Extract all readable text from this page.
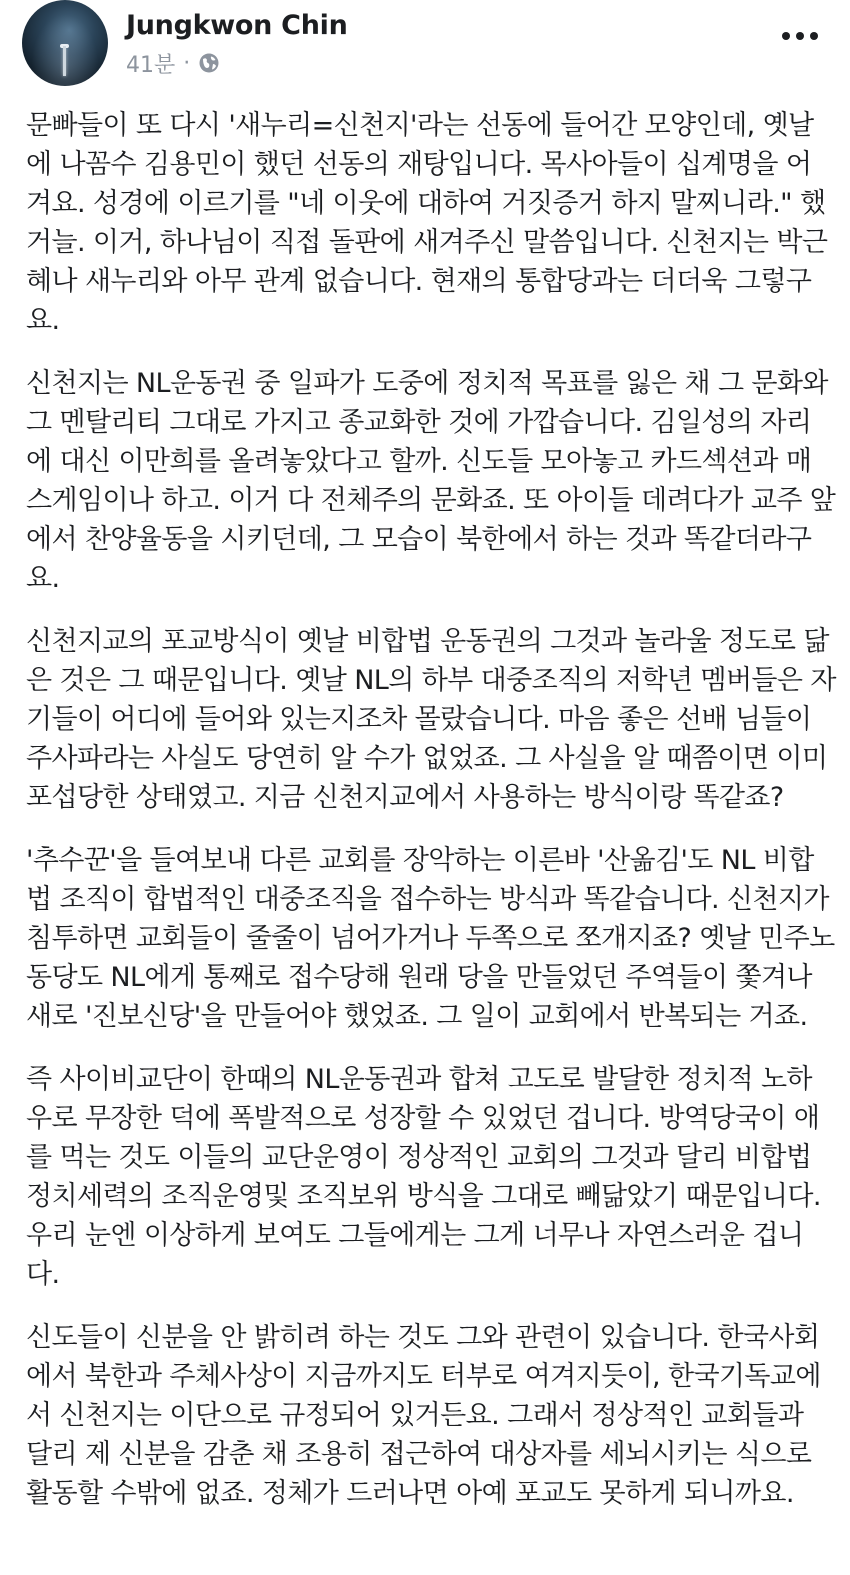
Jungkwon Chin
41분 ·

문빠들이 또 다시 '새누리=신천지'라는 선동에 들어간 모양인데, 옛날에 나꼼수 김용민이 했던 선동의 재탕입니다. 목사아들이 십계명을 어겨요. 성경에 이르기를 "네 이웃에 대하여 거짓증거 하지 말찌니라." 했거늘. 이거, 하나님이 직접 돌판에 새겨주신 말씀입니다. 신천지는 박근혜나 새누리와 아무 관계 없습니다. 현재의 통합당과는 더더욱 그렇구요.

신천지는 NL운동권 중 일파가 도중에 정치적 목표를 잃은 채 그 문화와 그 멘탈리티 그대로 가지고 종교화한 것에 가깝습니다. 김일성의 자리에 대신 이만희를 올려놓았다고 할까. 신도들 모아놓고 카드섹션과 매스게임이나 하고. 이거 다 전체주의 문화죠. 또 아이들 데려다가 교주 앞에서 찬양율동을 시키던데, 그 모습이 북한에서 하는 것과 똑같더라구요.

신천지교의 포교방식이 옛날 비합법 운동권의 그것과 놀라울 정도로 닮은 것은 그 때문입니다. 옛날 NL의 하부 대중조직의 저학년 멤버들은 자기들이 어디에 들어와 있는지조차 몰랐습니다. 마음 좋은 선배 님들이 주사파라는 사실도 당연히 알 수가 없었죠. 그 사실을 알 때쯤이면 이미 포섭당한 상태였고. 지금 신천지교에서 사용하는 방식이랑 똑같죠?

'추수꾼'을 들여보내 다른 교회를 장악하는 이른바 '산옮김'도 NL 비합법 조직이 합법적인 대중조직을 접수하는 방식과 똑같습니다. 신천지가 침투하면 교회들이 줄줄이 넘어가거나 두쪽으로 쪼개지죠? 옛날 민주노동당도 NL에게 통째로 접수당해 원래 당을 만들었던 주역들이 쫓겨나 새로 '진보신당'을 만들어야 했었죠. 그 일이 교회에서 반복되는 거죠.

즉 사이비교단이 한때의 NL운동권과 합쳐 고도로 발달한 정치적 노하우로 무장한 덕에 폭발적으로 성장할 수 있었던 겁니다. 방역당국이 애를 먹는 것도 이들의 교단운영이 정상적인 교회의 그것과 달리 비합법 정치세력의 조직운영및 조직보위 방식을 그대로 빼닮았기 때문입니다. 우리 눈엔 이상하게 보여도 그들에게는 그게 너무나 자연스러운 겁니다.

신도들이 신분을 안 밝히려 하는 것도 그와 관련이 있습니다. 한국사회에서 북한과 주체사상이 지금까지도 터부로 여겨지듯이, 한국기독교에서 신천지는 이단으로 규정되어 있거든요. 그래서 정상적인 교회들과 달리 제 신분을 감춘 채 조용히 접근하여 대상자를 세뇌시키는 식으로 활동할 수밖에 없죠. 정체가 드러나면 아예 포교도 못하게 되니까요.
